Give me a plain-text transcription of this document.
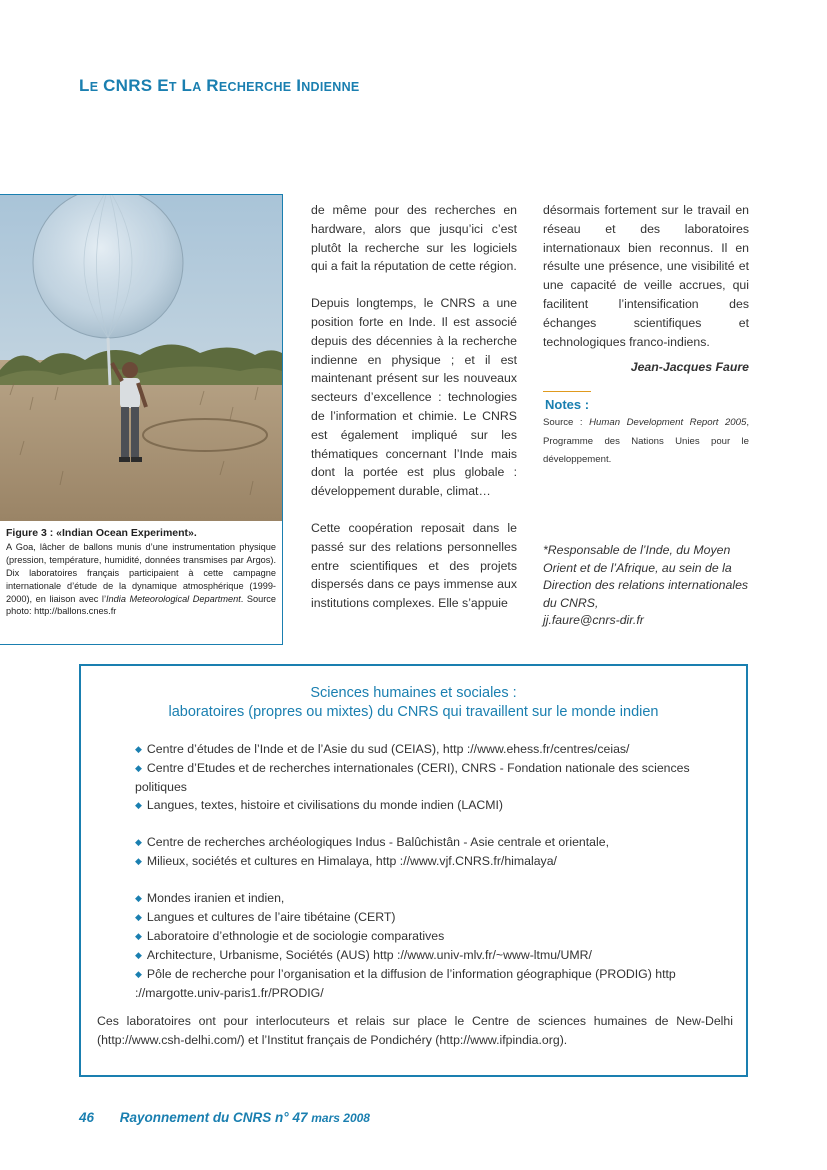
LE CNRS ET LA RECHERCHE INDIENNE
Figure 3 : «Indian Ocean Experiment».
A Goa, lâcher de ballons munis d’une instrumentation physique (pression, température, humidité, données transmises par Argos). Dix laboratoires français participaient à cette campagne internationale d’étude de la dynamique atmosphérique (1999-2000), en liaison avec l’India Meteorological Department. Source photo: http://ballons.cnes.fr

de même pour des recherches en hardware, alors que jusqu’ici c’est plutôt la recherche sur les logiciels qui a fait la réputation de cette région.

Depuis longtemps, le CNRS a une position forte en Inde. Il est associé depuis des décennies à la recherche indienne en physique ; et il est maintenant présent sur les nouveaux secteurs d’excellence : technologies de l’information et chimie. Le CNRS est également impliqué sur les thématiques concernant l’Inde mais dont la portée est plus globale : développement durable, climat…

Cette coopération reposait dans le passé sur des relations personnelles entre scientifiques et des projets dispersés dans ce pays immense aux institutions complexes. Elle s’appuie

désormais fortement sur le travail en réseau et des laboratoires internationaux bien reconnus. Il en résulte une présence, une visibilité et une capacité de veille accrues, qui facilitent l’intensification des échanges scientifiques et technologiques franco-indiens.

Jean-Jacques Faure
Notes :
Source : Human Development Report 2005, Programme des Nations Unies pour le développement.
*Responsable de l’Inde, du Moyen Orient et de l’Afrique, au sein de la Direction des relations internationales du CNRS,
jj.faure@cnrs-dir.fr
Sciences humaines et sociales :
laboratoires (propres ou mixtes) du CNRS qui travaillent sur le monde indien
◆ Centre d’études de l’Inde et de l’Asie du sud (CEIAS), http ://www.ehess.fr/centres/ceias/
◆ Centre d’Etudes et de recherches internationales (CERI), CNRS - Fondation nationale des sciences politiques
◆ Langues, textes, histoire et civilisations du monde indien (LACMI)
◆ Centre de recherches archéologiques Indus - Balûchistân - Asie centrale et orientale,
◆ Milieux, sociétés et cultures en Himalaya, http ://www.vjf.CNRS.fr/himalaya/
◆ Mondes iranien et indien,
◆ Langues et cultures de l’aire tibétaine (CERT)
◆ Laboratoire d’ethnologie et de sociologie comparatives
◆ Architecture, Urbanisme, Sociétés (AUS) http ://www.univ-mlv.fr/~www-ltmu/UMR/
◆ Pôle de recherche pour l’organisation et la diffusion de l’information géographique (PRODIG) http ://margotte.univ-paris1.fr/PRODIG/
Ces laboratoires ont pour interlocuteurs et relais sur place le Centre de sciences humaines de New-Delhi (http://www.csh-delhi.com/) et l’Institut français de Pondichéry (http://www.ifpindia.org).
46 Rayonnement du CNRS n° 47 mars 2008
